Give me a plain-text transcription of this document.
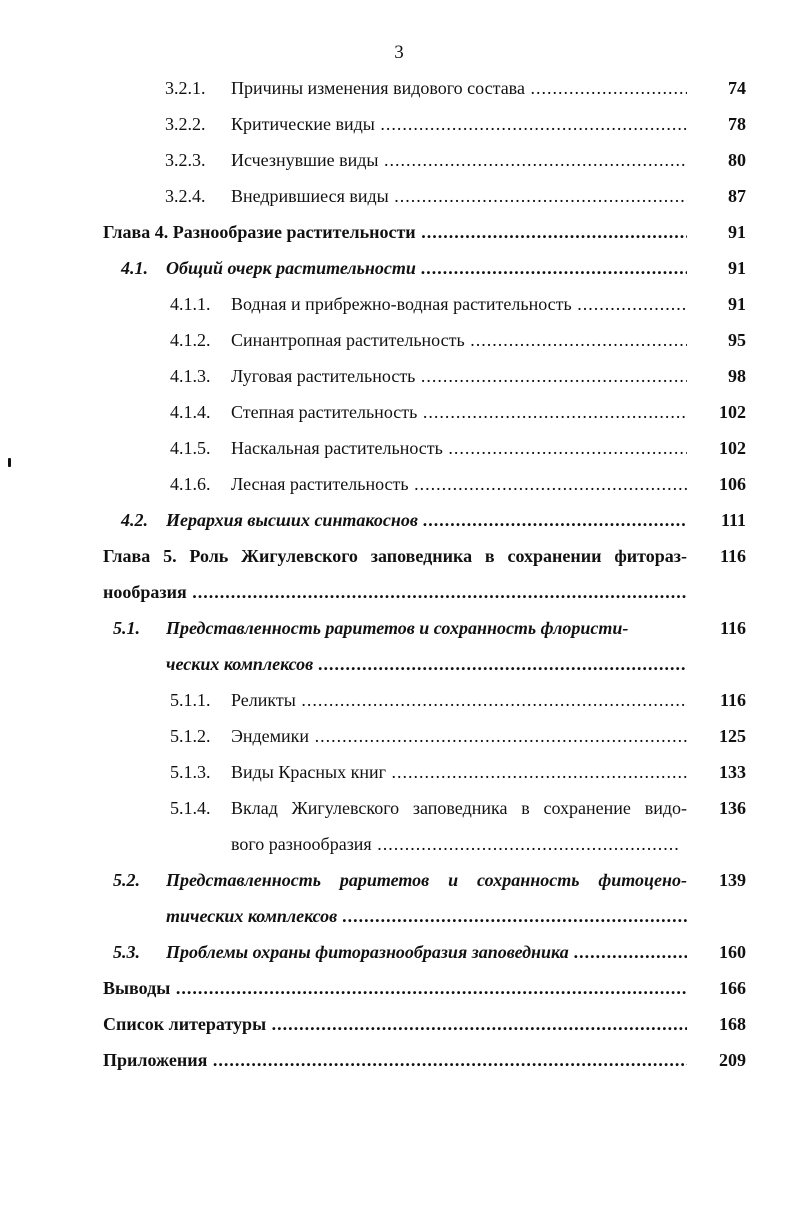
3
3.2.1. Причины изменения видового состава .....	74
3.2.2. Критические виды .....	78
3.2.3. Исчезнувшие виды .....	80
3.2.4. Внедрившиеся виды .....	87
Глава 4. Разнообразие растительности .....	91
4.1. Общий очерк растительности .....	91
4.1.1. Водная и прибрежно-водная растительность .....	91
4.1.2. Синантропная растительность .....	95
4.1.3. Луговая растительность .....	98
4.1.4. Степная растительность .....	102
4.1.5. Наскальная растительность .....	102
4.1.6. Лесная растительность .....	106
4.2. Иерархия высших синтакоснов .....	111
Глава 5. Роль Жигулевского заповедника в сохранении фитораз-	116
нообразия .....
5.1. Представленность раритетов и сохранность флористи-	116
ческих комплексов .....
5.1.1. Реликты .....	116
5.1.2. Эндемики .....	125
5.1.3. Виды Красных книг .....	133
5.1.4. Вклад Жигулевского заповедника в сохранение видо-	136
вого разнообразия .....
5.2. Представленность раритетов и сохранность фитоцено-	139
тических комплексов .....
5.3. Проблемы охраны фиторазнообразия заповедника .....	160
Выводы .....	166
Список литературы .....	168
Приложения .....	209
